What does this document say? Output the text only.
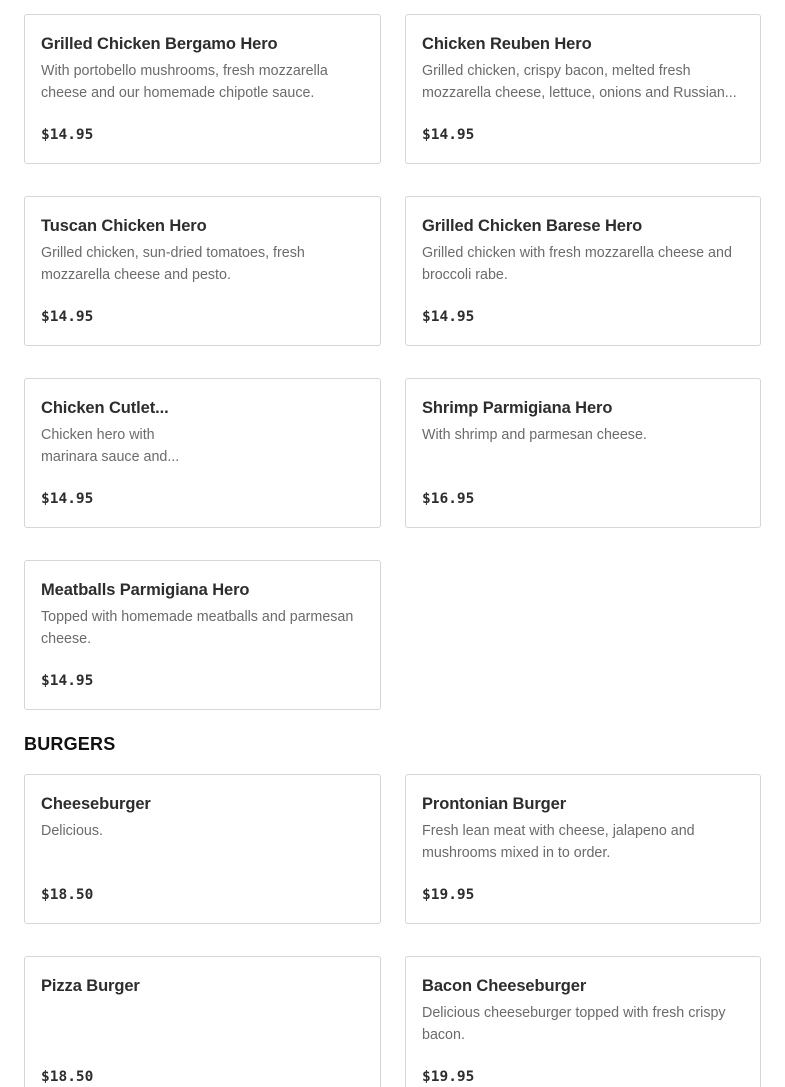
Grilled Chicken Bergamo Hero
With portobello mushrooms, fresh mozzarella
cheese and our homemade chipotle sauce.
$14.95
Chicken Reuben Hero
Grilled chicken, crispy bacon, melted fresh
mozzarella cheese, lettuce, onions and Russian...
$14.95
Tuscan Chicken Hero
Grilled chicken, sun-dried tomatoes, fresh
mozzarella cheese and pesto.
$14.95
Grilled Chicken Barese Hero
Grilled chicken with fresh mozzarella cheese and
broccoli rabe.
$14.95
Chicken Cutlet...
Chicken hero with
marinara sauce and...
$14.95
Shrimp Parmigiana Hero
With shrimp and parmesan cheese.
$16.95
Meatballs Parmigiana Hero
Topped with homemade meatballs and parmesan
cheese.
$14.95
BURGERS
Cheeseburger
Delicious.
$18.50
Prontonian Burger
Fresh lean meat with cheese, jalapeno and
mushrooms mixed in to order.
$19.95
Pizza Burger
$18.50
Bacon Cheeseburger
Delicious cheeseburger topped with fresh crispy
bacon.
$19.95
